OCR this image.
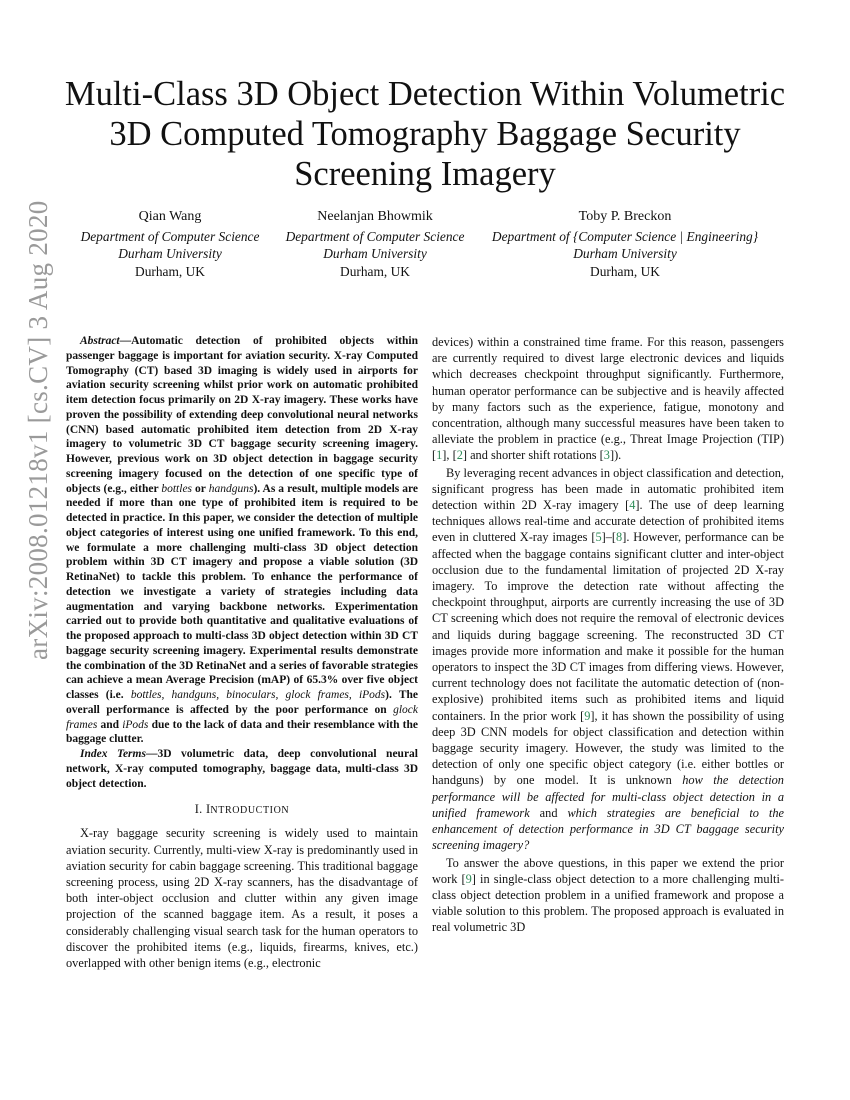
Multi-Class 3D Object Detection Within Volumetric
3D Computed Tomography Baggage Security
Screening Imagery
Qian Wang
Department of Computer Science
Durham University
Durham, UK
Neelanjan Bhowmik
Department of Computer Science
Durham University
Durham, UK
Toby P. Breckon
Department of {Computer Science | Engineering}
Durham University
Durham, UK
arXiv:2008.01218v1 [cs.CV] 3 Aug 2020	Abstract—Automatic detection of prohibited objects within passenger baggage is important for aviation security. X-ray Computed Tomography (CT) based 3D imaging is widely used in airports for aviation security screening whilst prior work on automatic prohibited item detection focus primarily on 2D X-ray imagery. These works have proven the possibility of extending deep convolutional neural networks (CNN) based automatic prohibited item detection from 2D X-ray imagery to volumetric 3D CT baggage security screening imagery. However, previous work on 3D object detection in baggage security screening imagery focused on the detection of one specific type of objects (e.g., either bottles or handguns). As a result, multiple models are needed if more than one type of prohibited item is required to be detected in practice. In this paper, we consider the detection of multiple object categories of interest using one unified framework. To this end, we formulate a more challenging multi-class 3D object detection problem within 3D CT imagery and propose a viable solution (3D RetinaNet) to tackle this problem. To enhance the performance of detection we investigate a variety of strategies including data augmentation and varying backbone networks. Experimentation carried out to provide both quantitative and qualitative evaluations of the proposed approach to multi-class 3D object detection within 3D CT baggage security screening imagery. Experimental results demonstrate the combination of the 3D RetinaNet and a series of favorable strategies can achieve a mean Average Precision (mAP) of 65.3% over five object classes (i.e. bottles, handguns, binoculars, glock frames, iPods). The overall performance is affected by the poor performance on glock frames and iPods due to the lack of data and their resemblance with the baggage clutter.

Index Terms—3D volumetric data, deep convolutional neural network, X-ray computed tomography, baggage data, multi-class 3D object detection.

I. INTRODUCTION

X-ray baggage security screening is widely used to maintain aviation security. Currently, multi-view X-ray is predominantly used in aviation security for cabin baggage screening. This traditional baggage screening process, using 2D X-ray scanners, has the disadvantage of both inter-object occlusion and clutter within any given image projection of the scanned baggage item. As a result, it poses a considerably challenging visual search task for the human operators to discover the prohibited items (e.g., liquids, firearms, knives, etc.) overlapped with other benign items (e.g., electronic

devices) within a constrained time frame. For this reason, passengers are currently required to divest large electronic devices and liquids which decreases checkpoint throughput significantly. Furthermore, human operator performance can be subjective and is heavily affected by many factors such as the experience, fatigue, monotony and concentration, although many successful measures have been taken to alleviate the problem in practice (e.g., Threat Image Projection (TIP) [1], [2] and shorter shift rotations [3]).

By leveraging recent advances in object classification and detection, significant progress has been made in automatic prohibited item detection within 2D X-ray imagery [4]. The use of deep learning techniques allows real-time and accurate detection of prohibited items even in cluttered X-ray images [5]–[8]. However, performance can be affected when the baggage contains significant clutter and inter-object occlusion due to the fundamental limitation of projected 2D X-ray imagery. To improve the detection rate without affecting the checkpoint throughput, airports are currently increasing the use of 3D CT screening which does not require the removal of electronic devices and liquids during baggage screening. The reconstructed 3D CT images provide more information and make it possible for the human operators to inspect the 3D CT images from differing views. However, current technology does not facilitate the automatic detection of (non-explosive) prohibited items such as prohibited items and liquid containers. In the prior work [9], it has shown the possibility of using deep 3D CNN models for object classification and detection within baggage security imagery. However, the study was limited to the detection of only one specific object category (i.e. either bottles or handguns) by one model. It is unknown how the detection performance will be affected for multi-class object detection in a unified framework and which strategies are beneficial to the enhancement of detection performance in 3D CT baggage security screening imagery?

To answer the above questions, in this paper we extend the prior work [9] in single-class object detection to a more challenging multi-class object detection problem in a unified framework and propose a viable solution to this problem. The proposed approach is evaluated in real volumetric 3D
